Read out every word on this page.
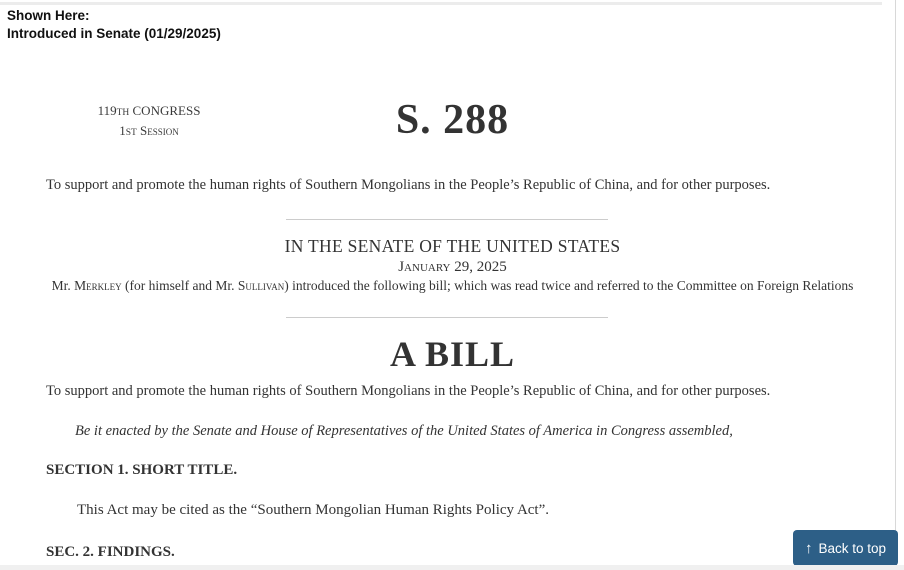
Shown Here:
Introduced in Senate (01/29/2025)
119TH CONGRESS
1ST Session	S. 288

To support and promote the human rights of Southern Mongolians in the People’s Republic of China, and for other purposes.

IN THE SENATE OF THE UNITED STATES
January 29, 2025

Mr. Merkley (for himself and Mr. Sullivan) introduced the following bill; which was read twice and referred to the Committee on Foreign Relations

A BILL

To support and promote the human rights of Southern Mongolians in the People’s Republic of China, and for other purposes.

Be it enacted by the Senate and House of Representatives of the United States of America in Congress assembled,

SECTION 1. SHORT TITLE.

This Act may be cited as the “Southern Mongolian Human Rights Policy Act”.

SEC. 2. FINDINGS.	↑ Back to top
